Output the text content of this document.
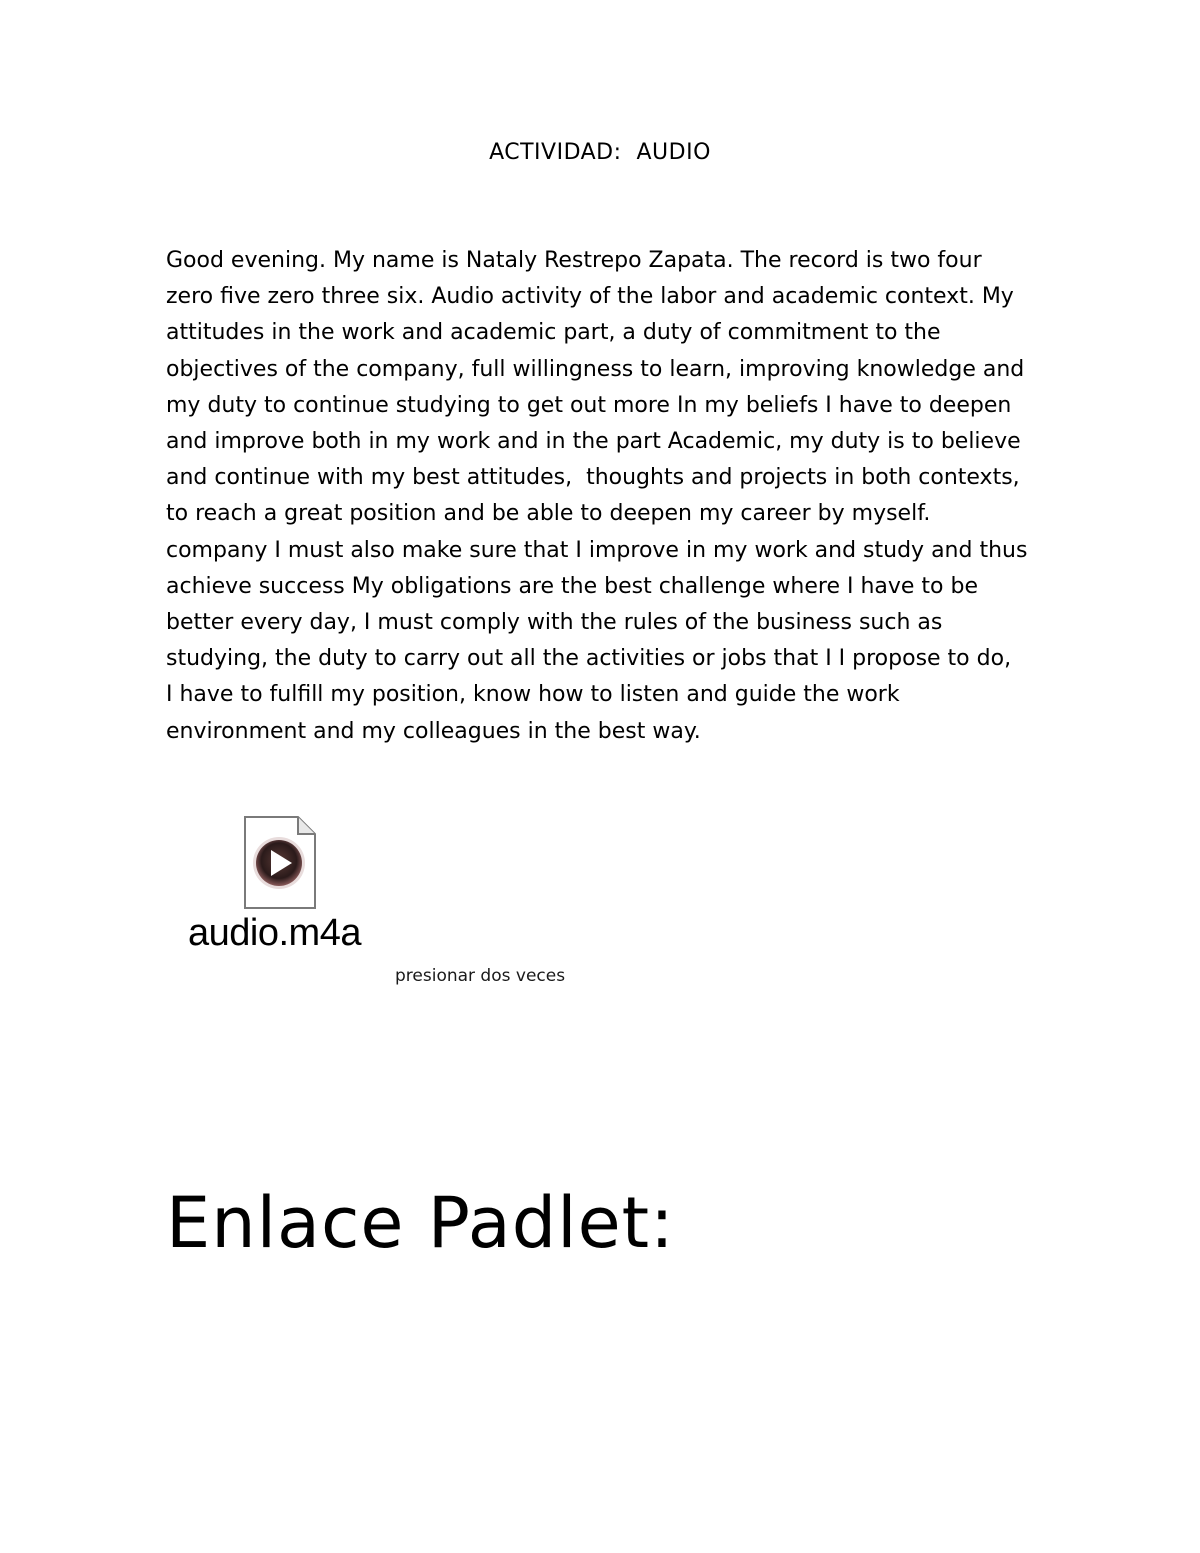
ACTIVIDAD:  AUDIO
Good evening. My name is Nataly Restrepo Zapata. The record is two four
zero five zero three six. Audio activity of the labor and academic context. My
attitudes in the work and academic part, a duty of commitment to the
objectives of the company, full willingness to learn, improving knowledge and
my duty to continue studying to get out more In my beliefs I have to deepen
and improve both in my work and in the part Academic, my duty is to believe
and continue with my best attitudes,  thoughts and projects in both contexts,
to reach a great position and be able to deepen my career by myself.
company I must also make sure that I improve in my work and study and thus
achieve success My obligations are the best challenge where I have to be
better every day, I must comply with the rules of the business such as
studying, the duty to carry out all the activities or jobs that I I propose to do,
I have to fulfill my position, know how to listen and guide the work
environment and my colleagues in the best way.
audio.m4a
presionar dos veces
Enlace Padlet:
